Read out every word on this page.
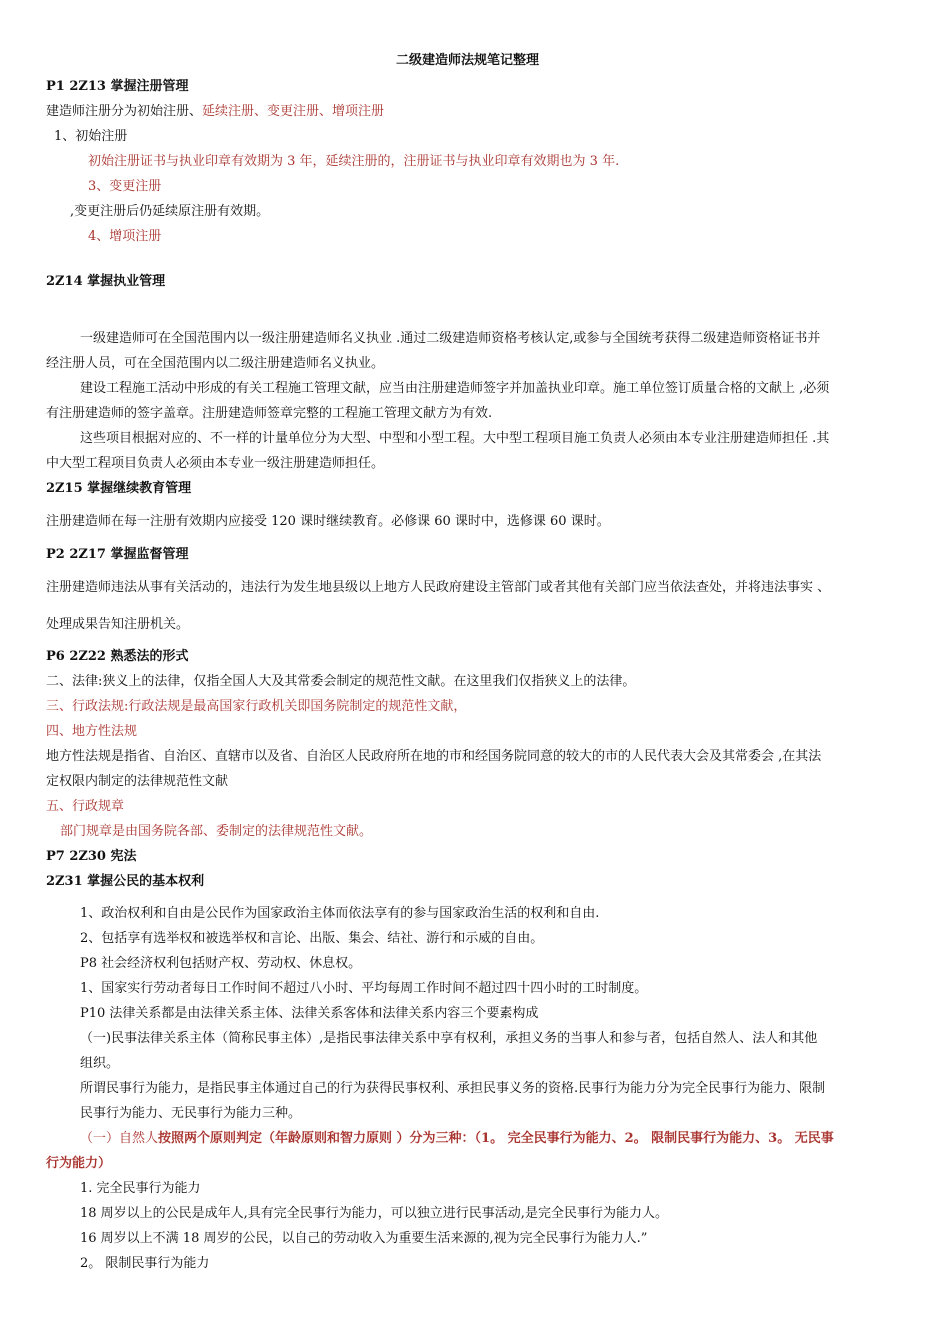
二级建造师法规笔记整理
P1 2Z13 掌握注册管理
建造师注册分为初始注册、延续注册、变更注册、增项注册
1、初始注册
初始注册证书与执业印章有效期为 3 年，延续注册的，注册证书与执业印章有效期也为 3 年.
3、变更注册
,变更注册后仍延续原注册有效期。
4、增项注册
2Z14 掌握执业管理
一级建造师可在全国范围内以一级注册建造师名义执业 .通过二级建造师资格考核认定,或参与全国统考获得二级建造师资格证书并
经注册人员，可在全国范围内以二级注册建造师名义执业。
建设工程施工活动中形成的有关工程施工管理文献，应当由注册建造师签字并加盖执业印章。施工单位签订质量合格的文献上 ,必须
有注册建造师的签字盖章。注册建造师签章完整的工程施工管理文献方为有效.
这些项目根据对应的、不一样的计量单位分为大型、中型和小型工程。大中型工程项目施工负责人必须由本专业注册建造师担任 .其
中大型工程项目负责人必须由本专业一级注册建造师担任。
2Z15 掌握继续教育管理
注册建造师在每一注册有效期内应接受 120 课时继续教育。必修课 60 课时中，选修课 60 课时。
P2 2Z17 掌握监督管理
注册建造师违法从事有关活动的，违法行为发生地县级以上地方人民政府建设主管部门或者其他有关部门应当依法查处，并将违法事实 、
处理成果告知注册机关。
P6 2Z22 熟悉法的形式
二、法律:狭义上的法律，仅指全国人大及其常委会制定的规范性文献。在这里我们仅指狭义上的法律。
三、行政法规:行政法规是最高国家行政机关即国务院制定的规范性文献，
四、地方性法规
地方性法规是指省、自治区、直辖市以及省、自治区人民政府所在地的市和经国务院同意的较大的市的人民代表大会及其常委会 ,在其法
定权限内制定的法律规范性文献
五、行政规章
部门规章是由国务院各部、委制定的法律规范性文献。
P7 2Z30 宪法
2Z31 掌握公民的基本权利
1、政治权利和自由是公民作为国家政治主体而依法享有的参与国家政治生活的权利和自由.
2、包括享有选举权和被选举权和言论、出版、集会、结社、游行和示威的自由。
P8 社会经济权利包括财产权、劳动权、休息权。
1、国家实行劳动者每日工作时间不超过八小时、平均每周工作时间不超过四十四小时的工时制度。
P10 法律关系都是由法律关系主体、法律关系客体和法律关系内容三个要素构成
（一)民事法律关系主体（简称民事主体）,是指民事法律关系中享有权利，承担义务的当事人和参与者，包括自然人、法人和其他
组织。
所谓民事行为能力，是指民事主体通过自己的行为获得民事权利、承担民事义务的资格.民事行为能力分为完全民事行为能力、限制
民事行为能力、无民事行为能力三种。
（一）自然人按照两个原则判定（年龄原则和智力原则 ）分为三种：（1。 完全民事行为能力、2。 限制民事行为能力、3。 无民事
行为能力）
1. 完全民事行为能力
18 周岁以上的公民是成年人,具有完全民事行为能力，可以独立进行民事活动,是完全民事行为能力人。
16 周岁以上不满 18 周岁的公民，以自己的劳动收入为重要生活来源的,视为完全民事行为能力人.”
2。 限制民事行为能力
